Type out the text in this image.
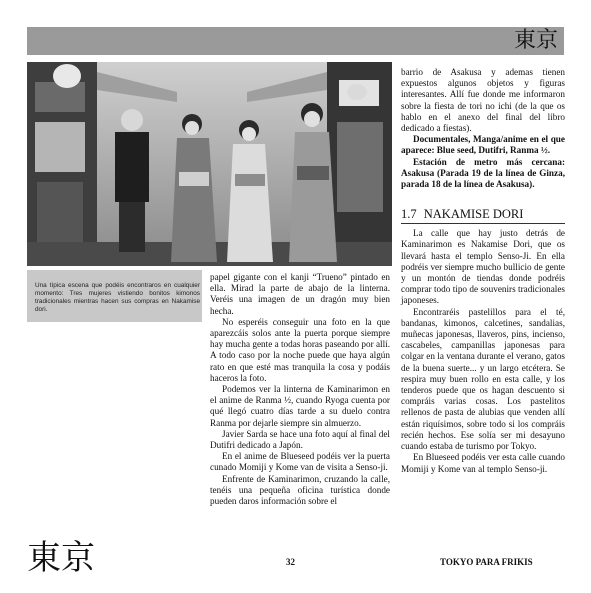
東京
Una típica escena que podéis encontraros en cualquier momento: Tres mujeres vistiendo bonitos kimonos tradicionales mientras hacen sus compras en Nakamise dori.

papel gigante con el kanji “Trueno” pintado en ella. Mirad la parte de abajo de la linterna. Veréis una imagen de un dragón muy bien hecha.

No esperéis conseguir una foto en la que aparezcáis solos ante la puerta porque siempre hay mucha gente a todas horas paseando por allí. A todo caso por la noche puede que haya algún rato en que esté mas tranquila la cosa y podáis haceros la foto.

Podemos ver la linterna de Kaminarimon en el anime de Ranma ½, cuando Ryoga cuenta por qué llegó cuatro días tarde a su duelo contra Ranma por dejarle siempre sin almuerzo.

Javier Sarda se hace una foto aquí al final del Dutifri dedicado a Japón.

En el anime de Blueseed podéis ver la puerta cunado Momiji y Kome van de visita a Senso-ji.

Enfrente de Kaminarimon, cruzando la calle, tenéis una pequeña oficina turística donde pueden daros información sobre el

barrio de Asakusa y ademas tienen expuestos algunos objetos y figuras interesantes. Allí fue donde me informaron sobre la fiesta de tori no ichi (de la que os hablo en el anexo del final del libro dedicado a fiestas).

Documentales, Manga/anime en el que aparece: Blue seed, Dutifri, Ranma ½.

Estación de metro más cercana: Asakusa (Parada 19 de la línea de Ginza, parada 18 de la línea de Asakusa).

1.7 NAKAMISE DORI

La calle que hay justo detrás de Kaminarimon es Nakamise Dori, que os llevará hasta el templo Senso-Ji. En ella podréis ver siempre mucho bullicio de gente y un montón de tiendas donde podréis comprar todo tipo de souvenirs tradicionales japoneses.

Encontraréis pastelillos para el té, bandanas, kimonos, calcetines, sandalias, muñecas japonesas, llaveros, pins, incienso, cascabeles, campanillas japonesas para colgar en la ventana durante el verano, gatos de la buena suerte... y un largo etcétera. Se respira muy buen rollo en esta calle, y los tenderos puede que os hagan descuento si compráis varias cosas. Los pastelitos rellenos de pasta de alubias que venden allí están riquísimos, sobre todo si los compráis recién hechos. Ese solía ser mi desayuno cuando estaba de turismo por Tokyo.

En Blueseed podéis ver esta calle cuando Momiji y Kome van al templo Senso-ji.

東京	32	TOKYO PARA FRIKIS
